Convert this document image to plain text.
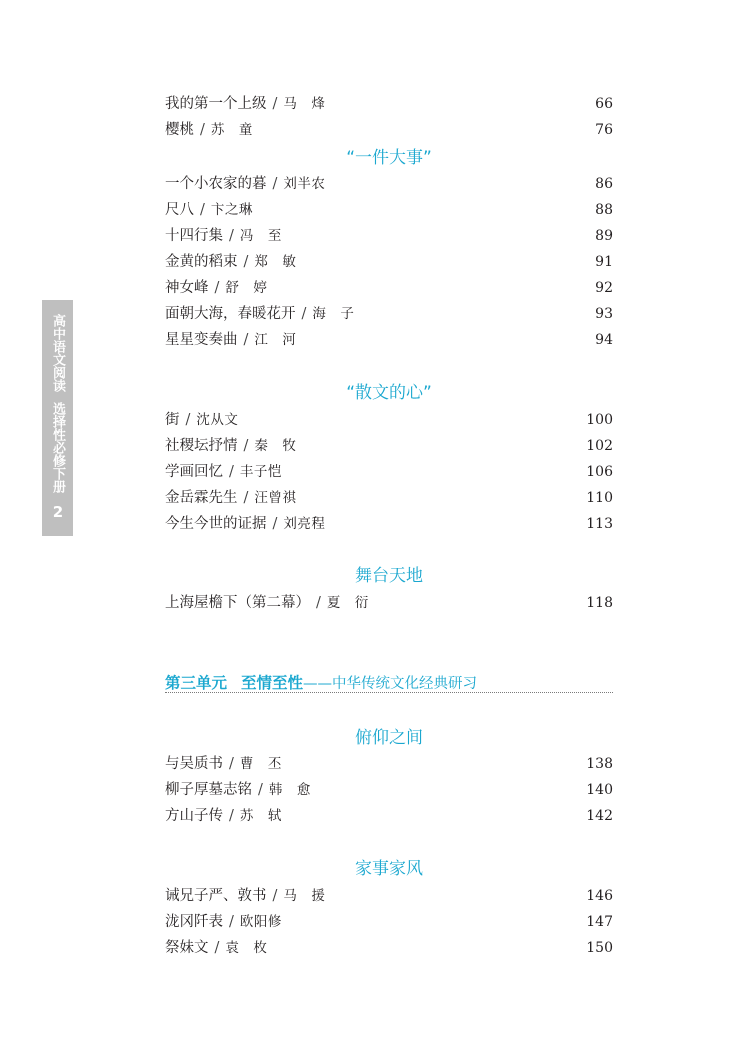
高中语文阅读
选择性必修下册
2
我的第一个上级 / 马　烽	66
樱桃 / 苏　童	76
“一件大事”
一个小农家的暮 / 刘半农	86
尺八 / 卞之琳	88
十四行集 / 冯　至	89
金黄的稻束 / 郑　敏	91
神女峰 / 舒　婷	92
面朝大海，春暖花开 / 海　子	93
星星变奏曲 / 江　河	94
“散文的心”
街 / 沈从文	100
社稷坛抒情 / 秦　牧	102
学画回忆 / 丰子恺	106
金岳霖先生 / 汪曾祺	110
今生今世的证据 / 刘亮程	113
舞台天地
上海屋檐下（第二幕） / 夏　衍	118
第三单元 至情至性——中华传统文化经典研习
俯仰之间
与吴质书 / 曹　丕	138
柳子厚墓志铭 / 韩　愈	140
方山子传 / 苏　轼	142
家事家风
诫兄子严、敦书 / 马　援	146
泷冈阡表 / 欧阳修	147
祭妹文 / 袁　枚	150
